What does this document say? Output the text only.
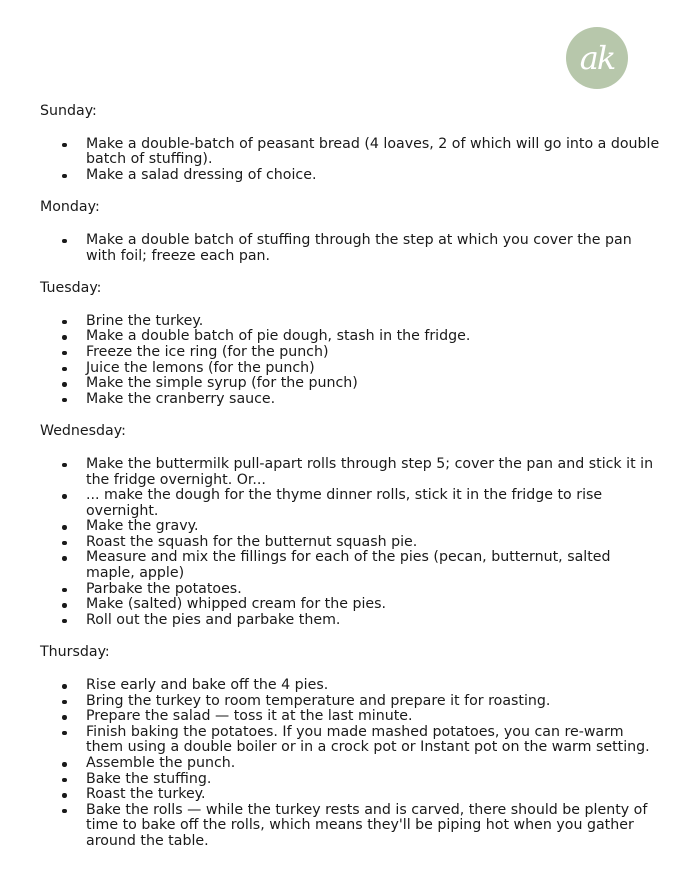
ak
Sunday:
Make a double-batch of peasant bread (4 loaves, 2 of which will go into a double batch of stuffing).
Make a salad dressing of choice.
Monday:
Make a double batch of stuffing through the step at which you cover the pan with foil; freeze each pan.
Tuesday:
Brine the turkey.
Make a double batch of pie dough, stash in the fridge.
Freeze the ice ring (for the punch)
Juice the lemons (for the punch)
Make the simple syrup (for the punch)
Make the cranberry sauce.
Wednesday:
Make the buttermilk pull-apart rolls through step 5; cover the pan and stick it in the fridge overnight. Or...
... make the dough for the thyme dinner rolls, stick it in the fridge to rise overnight.
Make the gravy.
Roast the squash for the butternut squash pie.
Measure and mix the fillings for each of the pies (pecan, butternut, salted maple, apple)
Parbake the potatoes.
Make (salted) whipped cream for the pies.
Roll out the pies and parbake them.
Thursday:
Rise early and bake off the 4 pies.
Bring the turkey to room temperature and prepare it for roasting.
Prepare the salad — toss it at the last minute.
Finish baking the potatoes. If you made mashed potatoes, you can re-warm them using a double boiler or in a crock pot or Instant pot on the warm setting.
Assemble the punch.
Bake the stuffing.
Roast the turkey.
Bake the rolls — while the turkey rests and is carved, there should be plenty of time to bake off the rolls, which means they'll be piping hot when you gather around the table.
